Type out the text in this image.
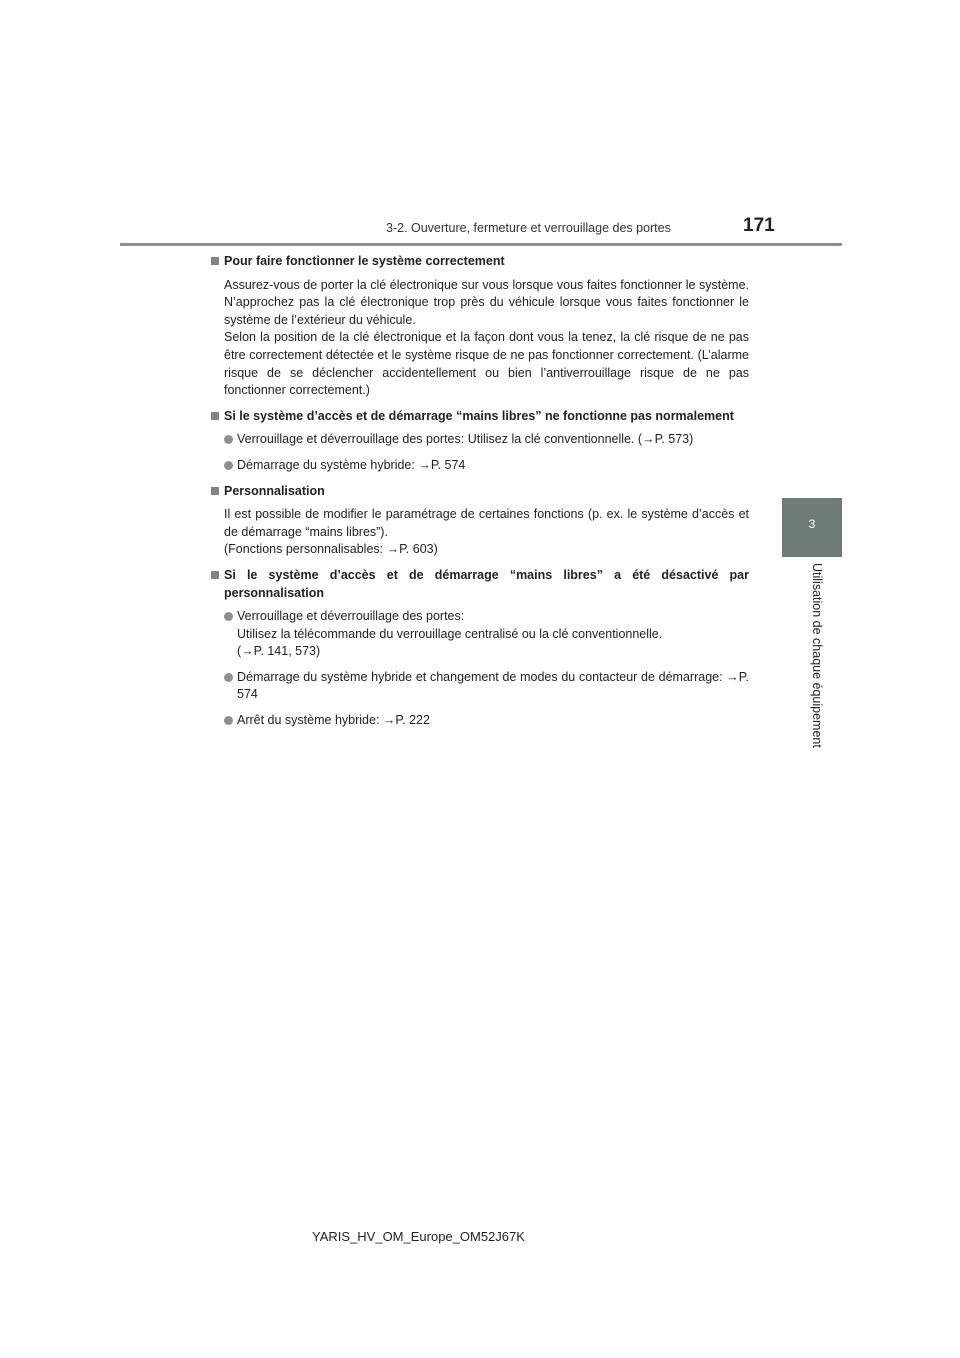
3-2. Ouverture, fermeture et verrouillage des portes	171
3
Utilisation de chaque équipement
Pour faire fonctionner le système correctement
Assurez-vous de porter la clé électronique sur vous lorsque vous faites fonctionner le système. N’approchez pas la clé électronique trop près du véhicule lorsque vous faites fonctionner le système de l’extérieur du véhicule.
Selon la position de la clé électronique et la façon dont vous la tenez, la clé risque de ne pas être correctement détectée et le système risque de ne pas fonctionner correctement. (L’alarme risque de se déclencher accidentellement ou bien l’antiverrouillage risque de ne pas fonctionner correctement.)
Si le système d’accès et de démarrage “mains libres” ne fonctionne pas normalement
Verrouillage et déverrouillage des portes: Utilisez la clé conventionnelle. (→P. 573)
Démarrage du système hybride: →P. 574
Personnalisation
Il est possible de modifier le paramétrage de certaines fonctions (p. ex. le système d’accès et de démarrage “mains libres”).
(Fonctions personnalisables: →P. 603)
Si le système d’accès et de démarrage “mains libres” a été désactivé par personnalisation
Verrouillage et déverrouillage des portes:
Utilisez la télécommande du verrouillage centralisé ou la clé conventionnelle.
(→P. 141, 573)
Démarrage du système hybride et changement de modes du contacteur de démarrage: →P. 574
Arrêt du système hybride: →P. 222
YARIS_HV_OM_Europe_OM52J67K
